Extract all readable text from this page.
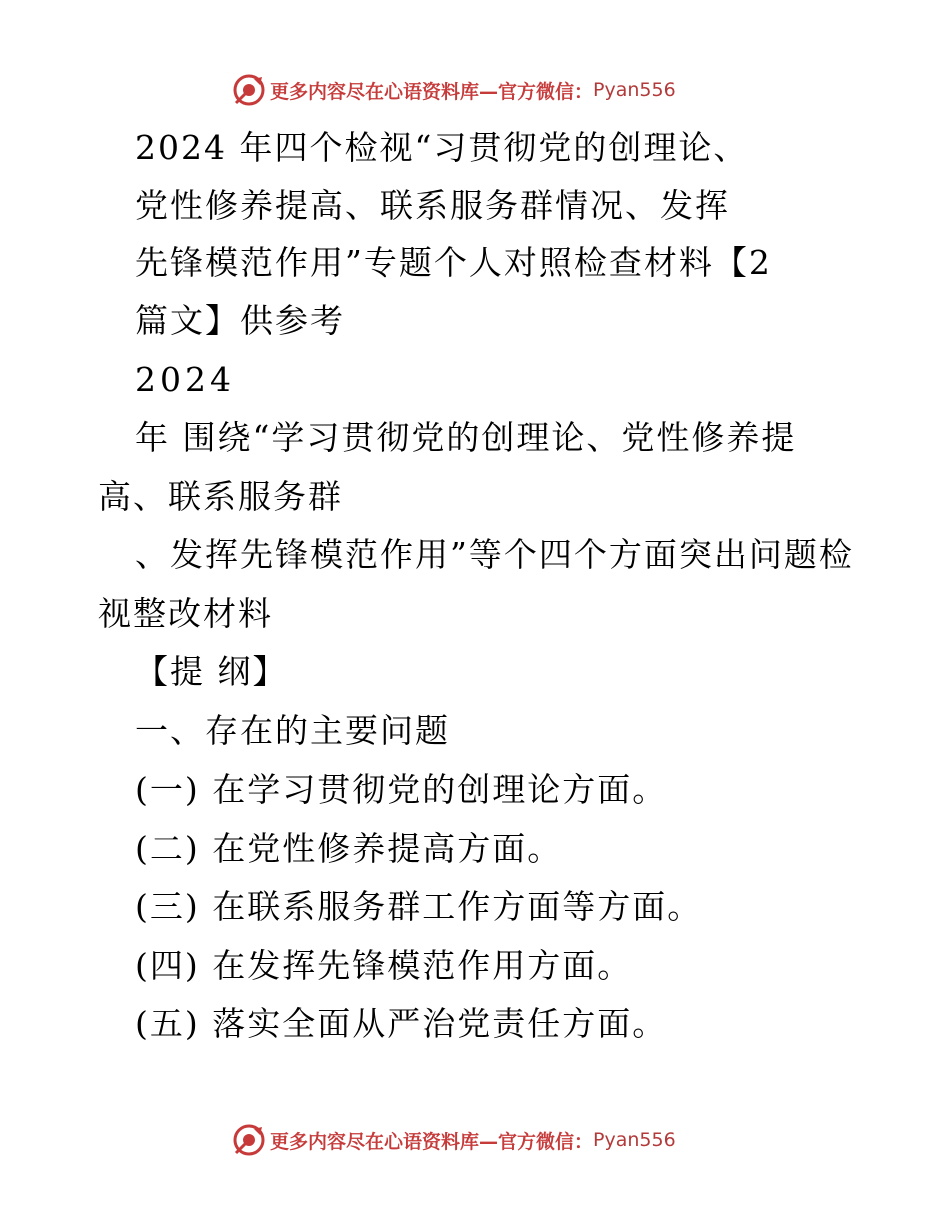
更多内容尽在心语资料库—官方微信： Pyan556
2024 年四个检视“习贯彻党的创理论、
党性修养提高、联系服务群情况、发挥
先锋模范作用”专题个人对照检查材料【2
篇文】供参考
2024
年 围绕“学习贯彻党的创理论、党性修养提
高、联系服务群
、发挥先锋模范作用”等个四个方面突出问题检
视整改材料
【提 纲】
一、存在的主要问题
(一) 在学习贯彻党的创理论方面。
(二) 在党性修养提高方面。
(三) 在联系服务群工作方面等方面。
(四) 在发挥先锋模范作用方面。
(五) 落实全面从严治党责任方面。
更多内容尽在心语资料库—官方微信： Pyan556
